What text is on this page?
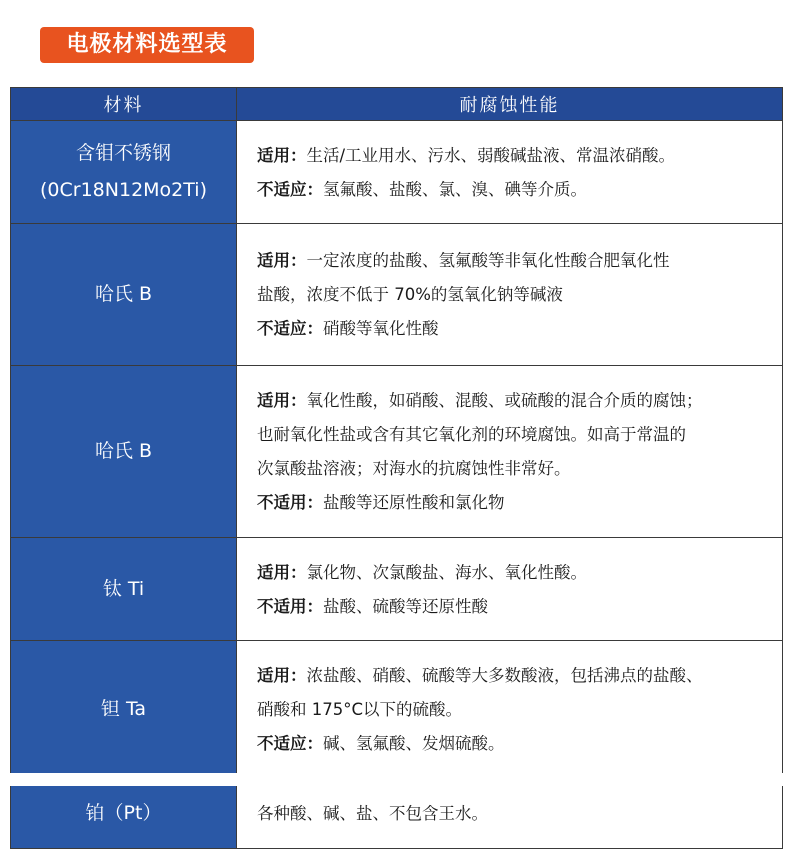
电极材料选型表
材料	耐腐蚀性能

含钼不锈钢
(0Cr18N12Mo2Ti)	适用：生活/工业用水、污水、弱酸碱盐液、常温浓硝酸。
不适应：氢氟酸、盐酸、氯、溴、碘等介质。

哈氏 B	适用：一定浓度的盐酸、氢氟酸等非氧化性酸合肥氧化性
盐酸，浓度不低于 70%的氢氧化钠等碱液
不适应：硝酸等氧化性酸

哈氏 B	适用：氧化性酸，如硝酸、混酸、或硫酸的混合介质的腐蚀；
也耐氧化性盐或含有其它氧化剂的环境腐蚀。如高于常温的
次氯酸盐溶液；对海水的抗腐蚀性非常好。
不适用：盐酸等还原性酸和氯化物

钛 Ti	适用：氯化物、次氯酸盐、海水、氧化性酸。
不适用：盐酸、硫酸等还原性酸

钽 Ta	适用：浓盐酸、硝酸、硫酸等大多数酸液，包括沸点的盐酸、
硝酸和 175°C以下的硫酸。
不适应：碱、氢氟酸、发烟硫酸。

铂（Pt）	各种酸、碱、盐、不包含王水。
